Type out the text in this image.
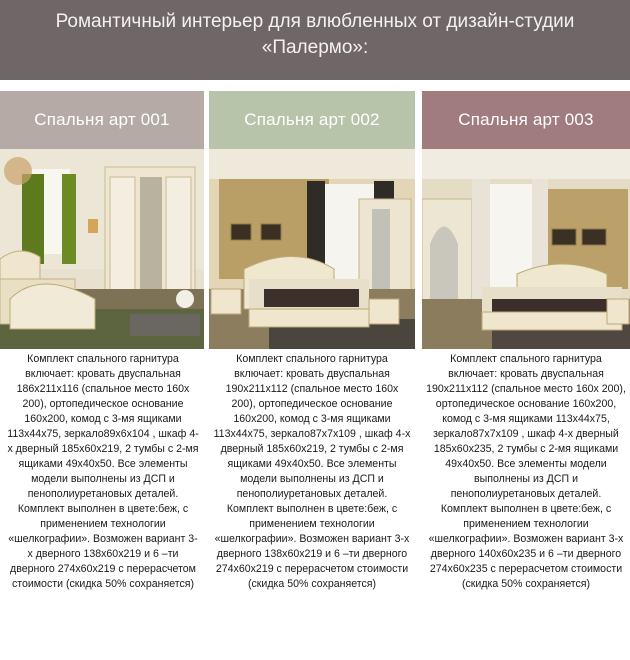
Романтичный интерьер для влюбленных от дизайн-студии
«Палермо»:
Спальня арт 001
Комплект спального гарнитура включает: кровать двуспальная 186x211x116 (спальное место 160x 200), ортопедическое основание 160x200, комод с 3-мя ящиками 113x44x75, зеркало89x6x104 , шкаф 4-х дверный 185x60x219, 2 тумбы с 2-мя ящиками 49x40x50. Все элементы модели выполнены из ДСП и пенополиуретановых деталей. Комплект выполнен в цвете:беж, с применением технологии «шелкографии». Возможен вариант 3-х дверного 138x60x219 и 6 –ти дверного 274x60x219 с перерасчетом стоимости (скидка 50% сохраняется)
Спальня арт 002
Комплект спального гарнитура включает: кровать двуспальная 190x211x112 (спальное место 160x 200), ортопедическое основание 160x200, комод с 3-мя ящиками 113x44x75, зеркало87x7x109 , шкаф 4-х дверный 185x60x219, 2 тумбы с 2-мя ящиками 49x40x50. Все элементы модели выполнены из ДСП и пенополиуретановых деталей. Комплект выполнен в цвете:беж, с применением технологии «шелкографии». Возможен вариант 3-х дверного 138x60x219 и 6 –ти дверного 274x60x219 с перерасчетом стоимости (скидка 50% сохраняется)
Спальня арт 003
Комплект спального гарнитура включает: кровать двуспальная 190x211x112 (спальное место 160x 200), ортопедическое основание 160x200, комод с 3-мя ящиками 113x44x75, зеркало87x7x109 , шкаф 4-х дверный 185x60x235, 2 тумбы с 2-мя ящиками 49x40x50. Все элементы модели выполнены из ДСП и пенополиуретановых деталей. Комплект выполнен в цвете:беж, с применением технологии «шелкографии». Возможен вариант 3-х дверного 140x60x235 и 6 –ти дверного 274x60x235 с перерасчетом стоимости (скидка 50% сохраняется)
